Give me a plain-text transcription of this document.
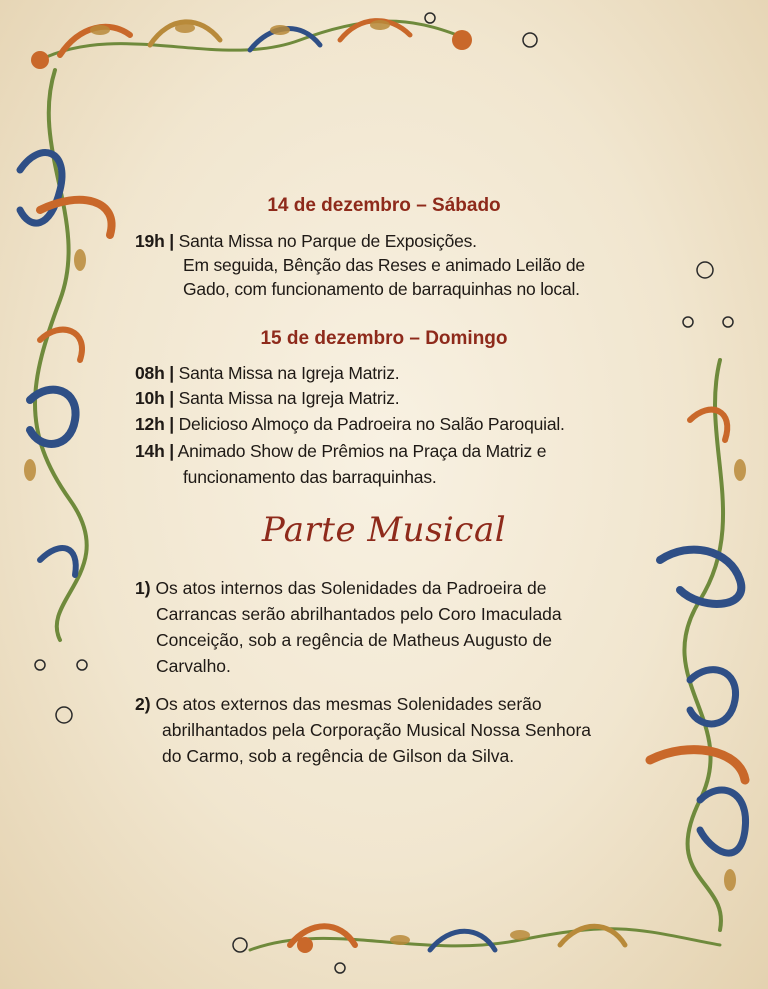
14 de dezembro – Sábado
19h | Santa Missa no Parque de Exposições.
Em seguida, Bênção das Reses e animado Leilão de
Gado, com funcionamento de barraquinhas no local.
15 de dezembro – Domingo
08h | Santa Missa na Igreja Matriz.
10h | Santa Missa na Igreja Matriz.
12h | Delicioso Almoço da Padroeira no Salão Paroquial.
14h | Animado Show de Prêmios na Praça da Matriz e
funcionamento das barraquinhas.
Parte Musical
1) Os atos internos das Solenidades da Padroeira de
Carrancas serão abrilhantados pelo Coro Imaculada
Conceição, sob a regência de Matheus Augusto de
Carvalho.
2) Os atos externos das mesmas Solenidades serão
abrilhantados pela Corporação Musical Nossa Senhora
do Carmo, sob a regência de Gilson da Silva.
